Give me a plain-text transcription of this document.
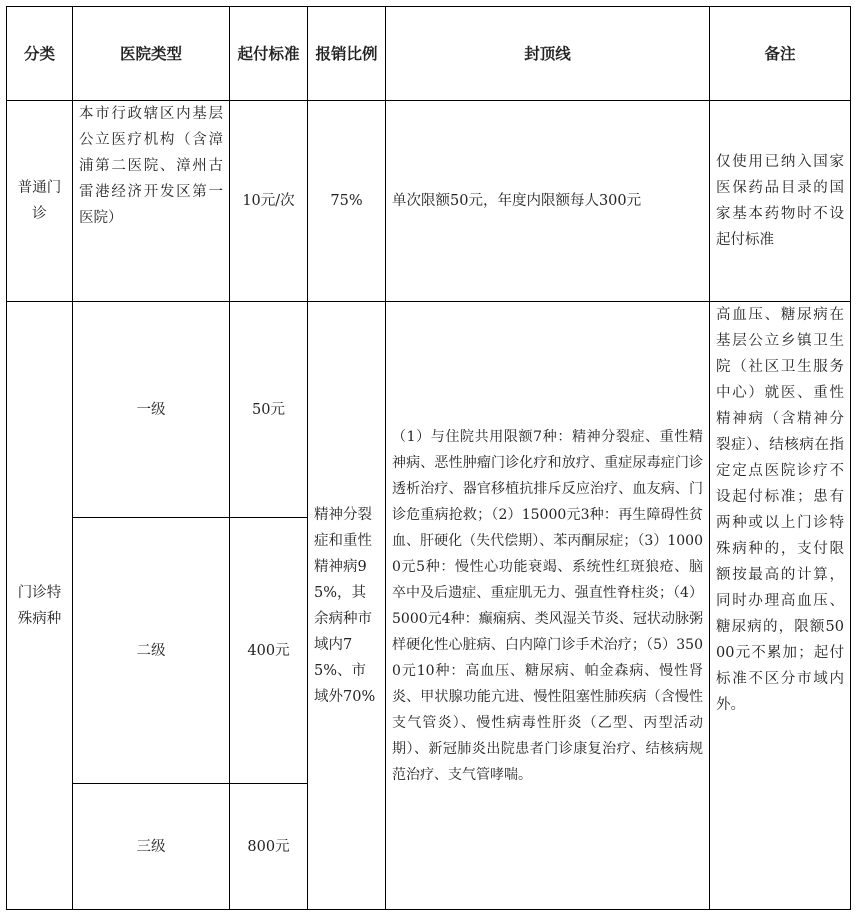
分类	医院类型	起付标准	报销比例	封顶线	备注
普通门诊	本市行政辖区内基层公立医疗机构（含漳浦第二医院、漳州古雷港经济开发区第一医院）	10元/次	75%	单次限额50元，年度内限额每人300元	仅使用已纳入国家医保药品目录的国家基本药物时不设起付标准
门诊特殊病种	一级	50元	精神分裂症和重性精神病95%，其余病种市域内75%、市域外70%	（1）与住院共用限额7种：精神分裂症、重性精神病、恶性肿瘤门诊化疗和放疗、重症尿毒症门诊透析治疗、器官移植抗排斥反应治疗、血友病、门诊危重病抢救；（2）15000元3种：再生障碍性贫血、肝硬化（失代偿期）、苯丙酮尿症；（3）10000元5种：慢性心功能衰竭、系统性红斑狼疮、脑卒中及后遗症、重症肌无力、强直性脊柱炎；（4）5000元4种：癫痫病、类风湿关节炎、冠状动脉粥样硬化性心脏病、白内障门诊手术治疗；（5）3500元10种：高血压、糖尿病、帕金森病、慢性肾炎、甲状腺功能亢进、慢性阻塞性肺疾病（含慢性支气管炎）、慢性病毒性肝炎（乙型、丙型活动期）、新冠肺炎出院患者门诊康复治疗、结核病规范治疗、支气管哮喘。	高血压、糖尿病在基层公立乡镇卫生院（社区卫生服务中心）就医、重性精神病（含精神分裂症）、结核病在指定定点医院诊疗不设起付标准；患有两种或以上门诊特殊病种的，支付限额按最高的计算，同时办理高血压、糖尿病的，限额5000元不累加；起付标准不区分市域内外。
	二级	400元			
	三级	800元			
